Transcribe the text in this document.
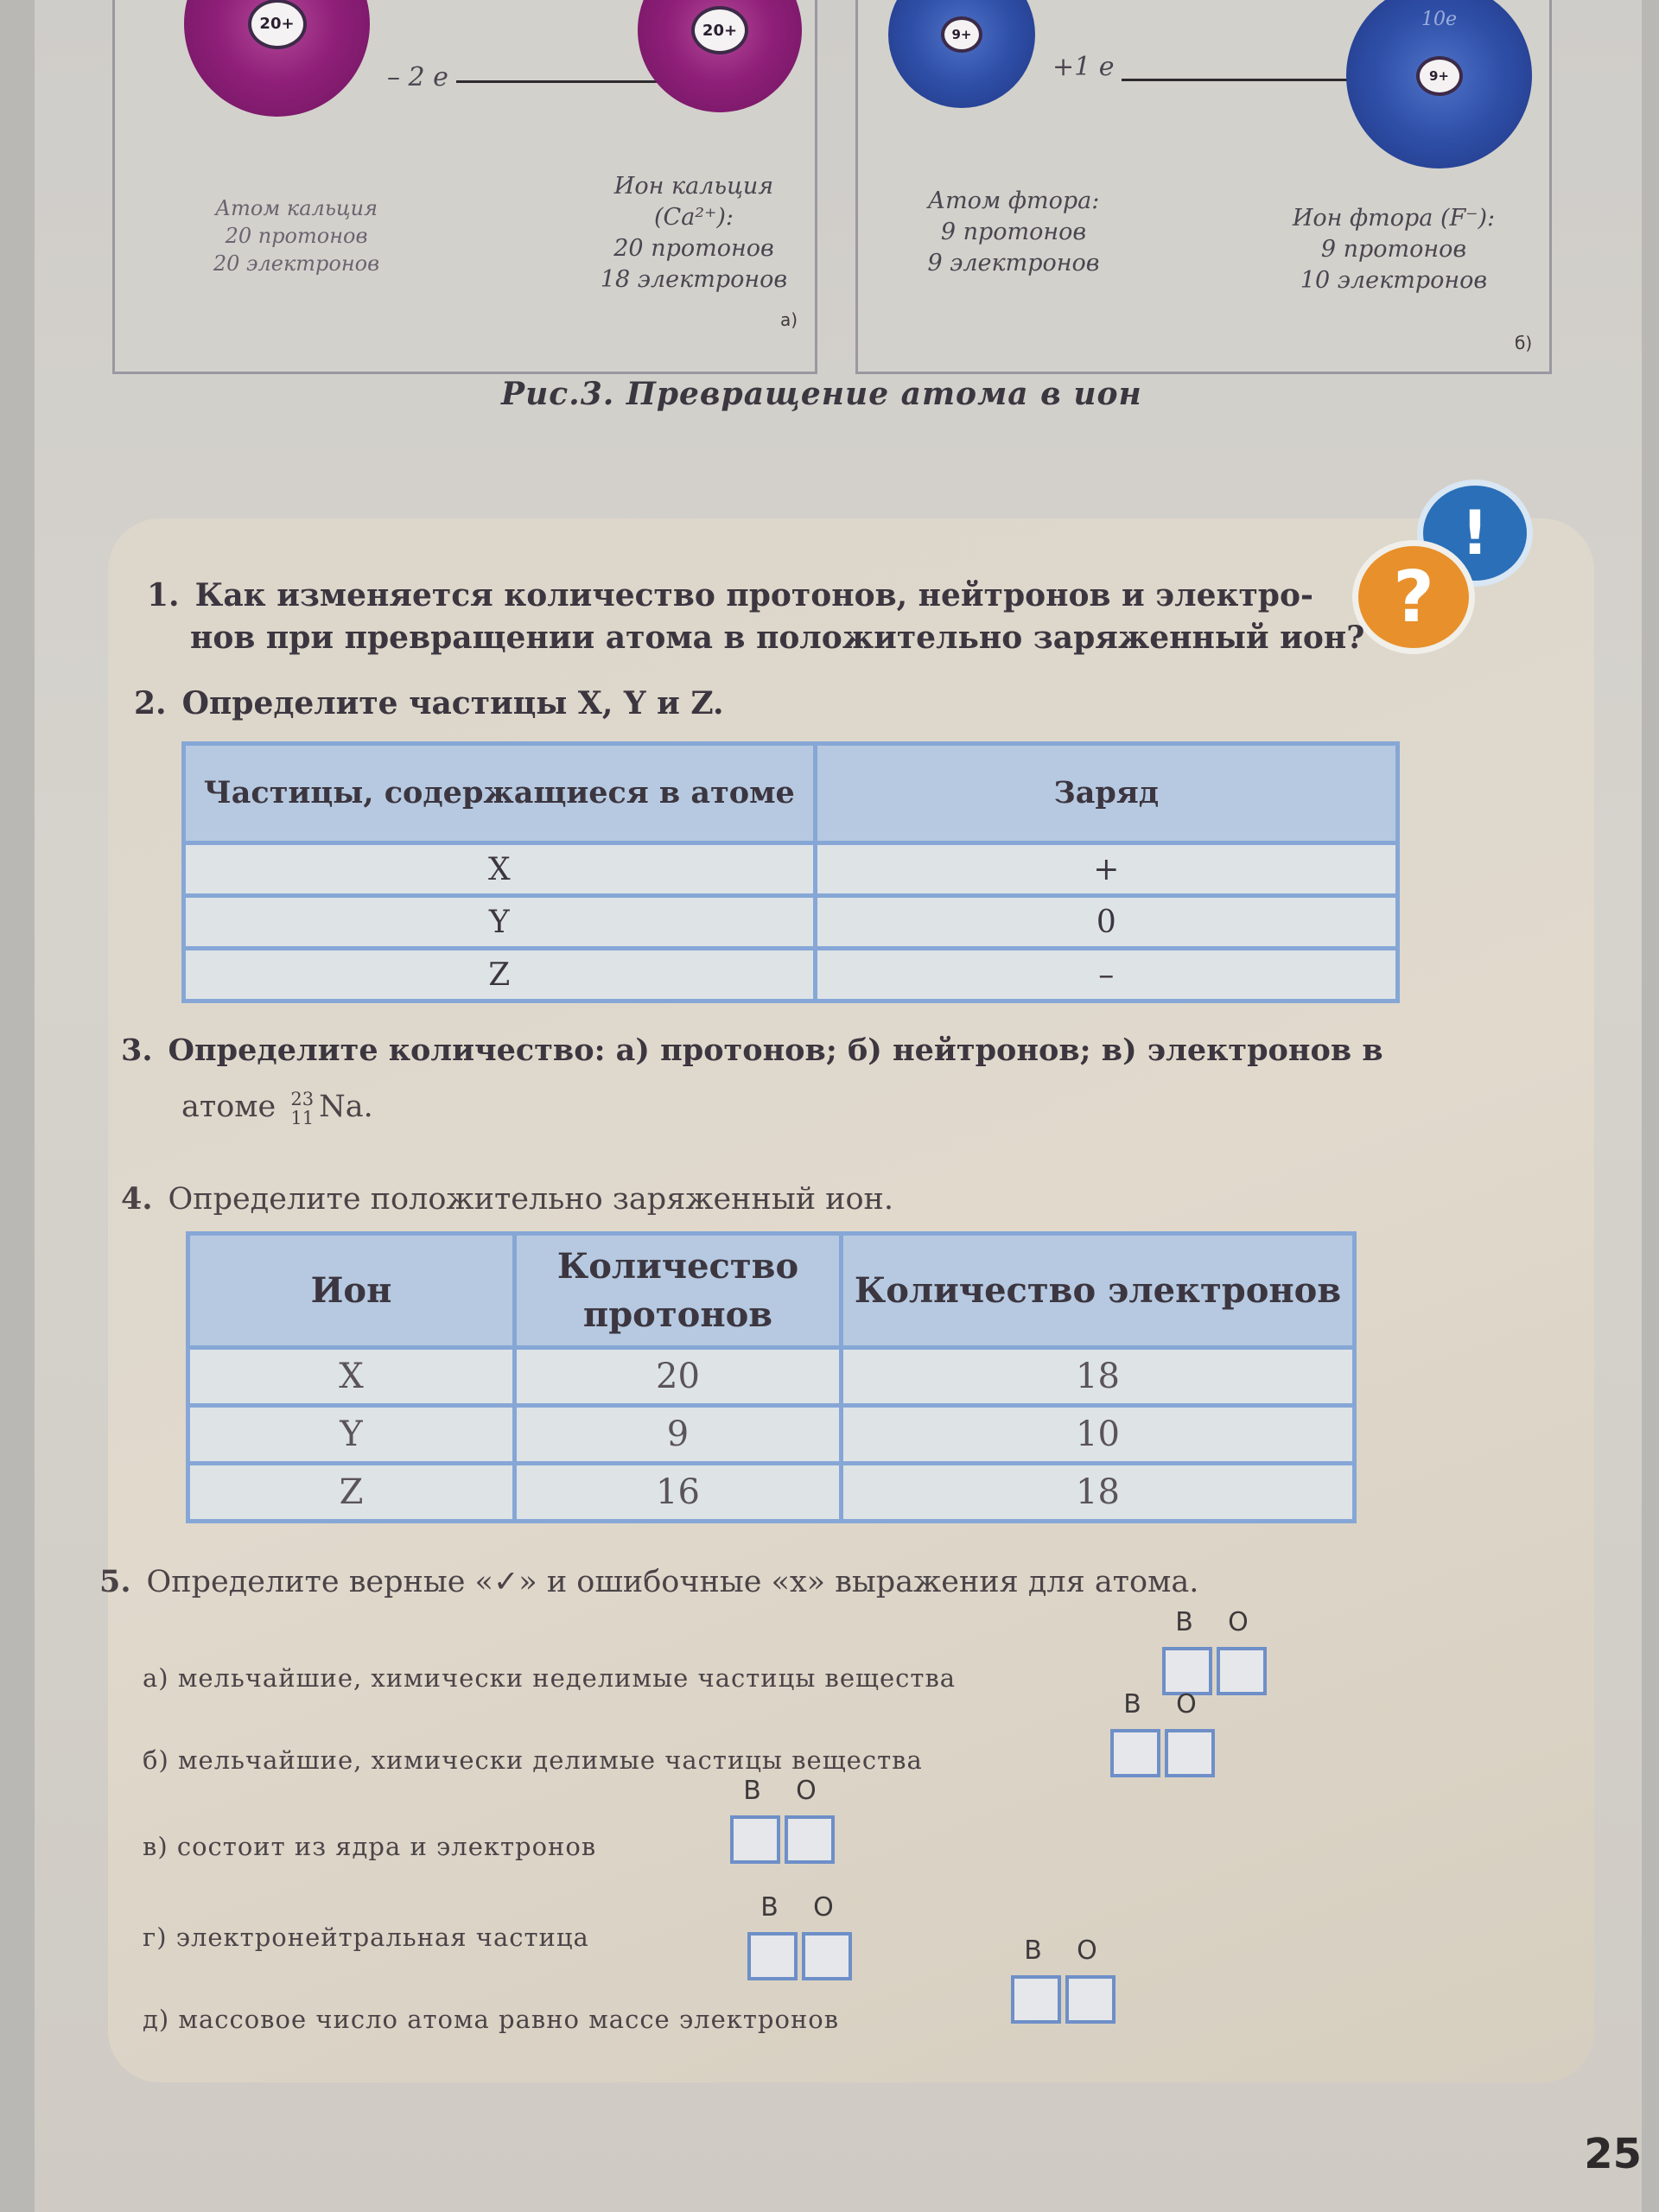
20+
– 2 e
20+
Атом кальция
20 протонов
20 электронов
Ион кальция
(Ca²⁺):
20 протонов
18 электронов
а)
9+
+1 e
10e
9+
Атом фтора:
9 протонов
9 электронов
Ион фтора (F⁻):
9 протонов
10 электронов
б)
Рис.3. Превращение атома в ион
!
?
1. Как изменяется количество протонов, нейтронов и электро-
нов при превращении атома в положительно заряженный ион?
2. Определите частицы X, Y и Z.
Частицы, содержащиеся в атоме	Заряд
X	+
Y	0
Z	–
3. Определите количество: а) протонов; б) нейтронов; в) электронов в
атоме 23
11 Na.
4. Определите положительно заряженный ион.
Ион	Количество протонов	Количество электронов
X	20	18
Y	9	10
Z	16	18
5. Определите верные «✓» и ошибочные «x» выражения для атома.
а) мельчайшие, химически неделимые частицы вещества
В О
б) мельчайшие, химически делимые частицы вещества
В О
в) состоит из ядра и электронов
В О
г) электронейтральная частица
В О
д) массовое число атома равно массе электронов
В О
25
